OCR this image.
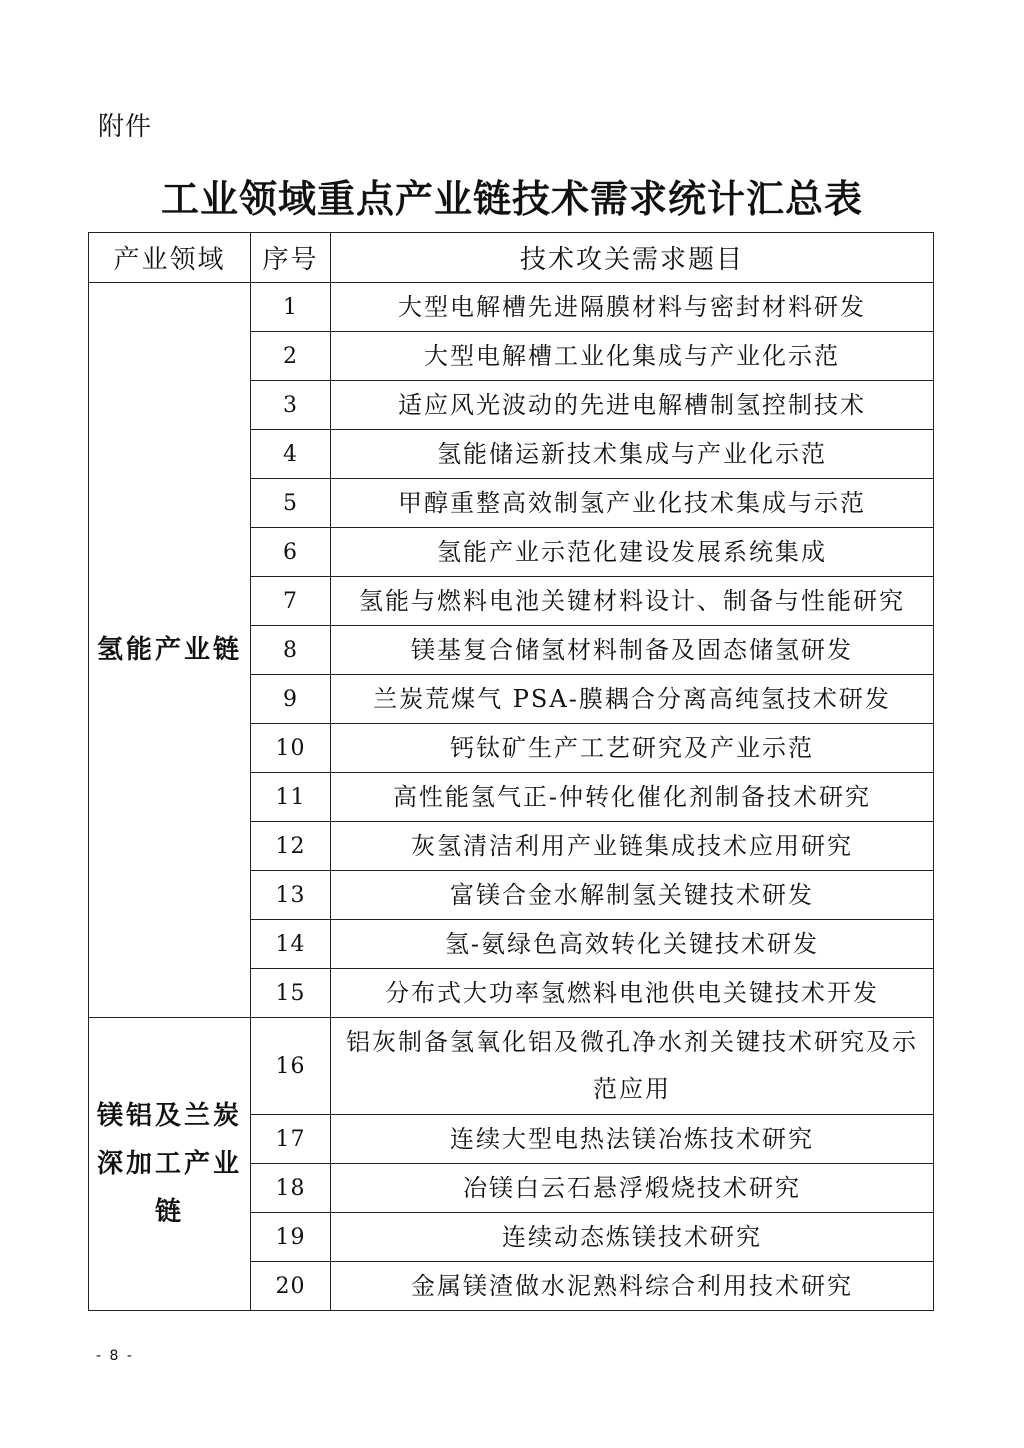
附件
工业领域重点产业链技术需求统计汇总表
产业领域	序号	技术攻关需求题目
氢能产业链	1	大型电解槽先进隔膜材料与密封材料研发
	2	大型电解槽工业化集成与产业化示范
	3	适应风光波动的先进电解槽制氢控制技术
	4	氢能储运新技术集成与产业化示范
	5	甲醇重整高效制氢产业化技术集成与示范
	6	氢能产业示范化建设发展系统集成
	7	氢能与燃料电池关键材料设计、制备与性能研究
	8	镁基复合储氢材料制备及固态储氢研发
	9	兰炭荒煤气 PSA-膜耦合分离高纯氢技术研发
	10	钙钛矿生产工艺研究及产业示范
	11	高性能氢气正-仲转化催化剂制备技术研究
	12	灰氢清洁利用产业链集成技术应用研究
	13	富镁合金水解制氢关键技术研发
	14	氢-氨绿色高效转化关键技术研发
	15	分布式大功率氢燃料电池供电关键技术开发
镁铝及兰炭深加工产业链	16	铝灰制备氢氧化铝及微孔净水剂关键技术研究及示范应用
	17	连续大型电热法镁冶炼技术研究
	18	冶镁白云石悬浮煅烧技术研究
	19	连续动态炼镁技术研究
	20	金属镁渣做水泥熟料综合利用技术研究
- 8 -
